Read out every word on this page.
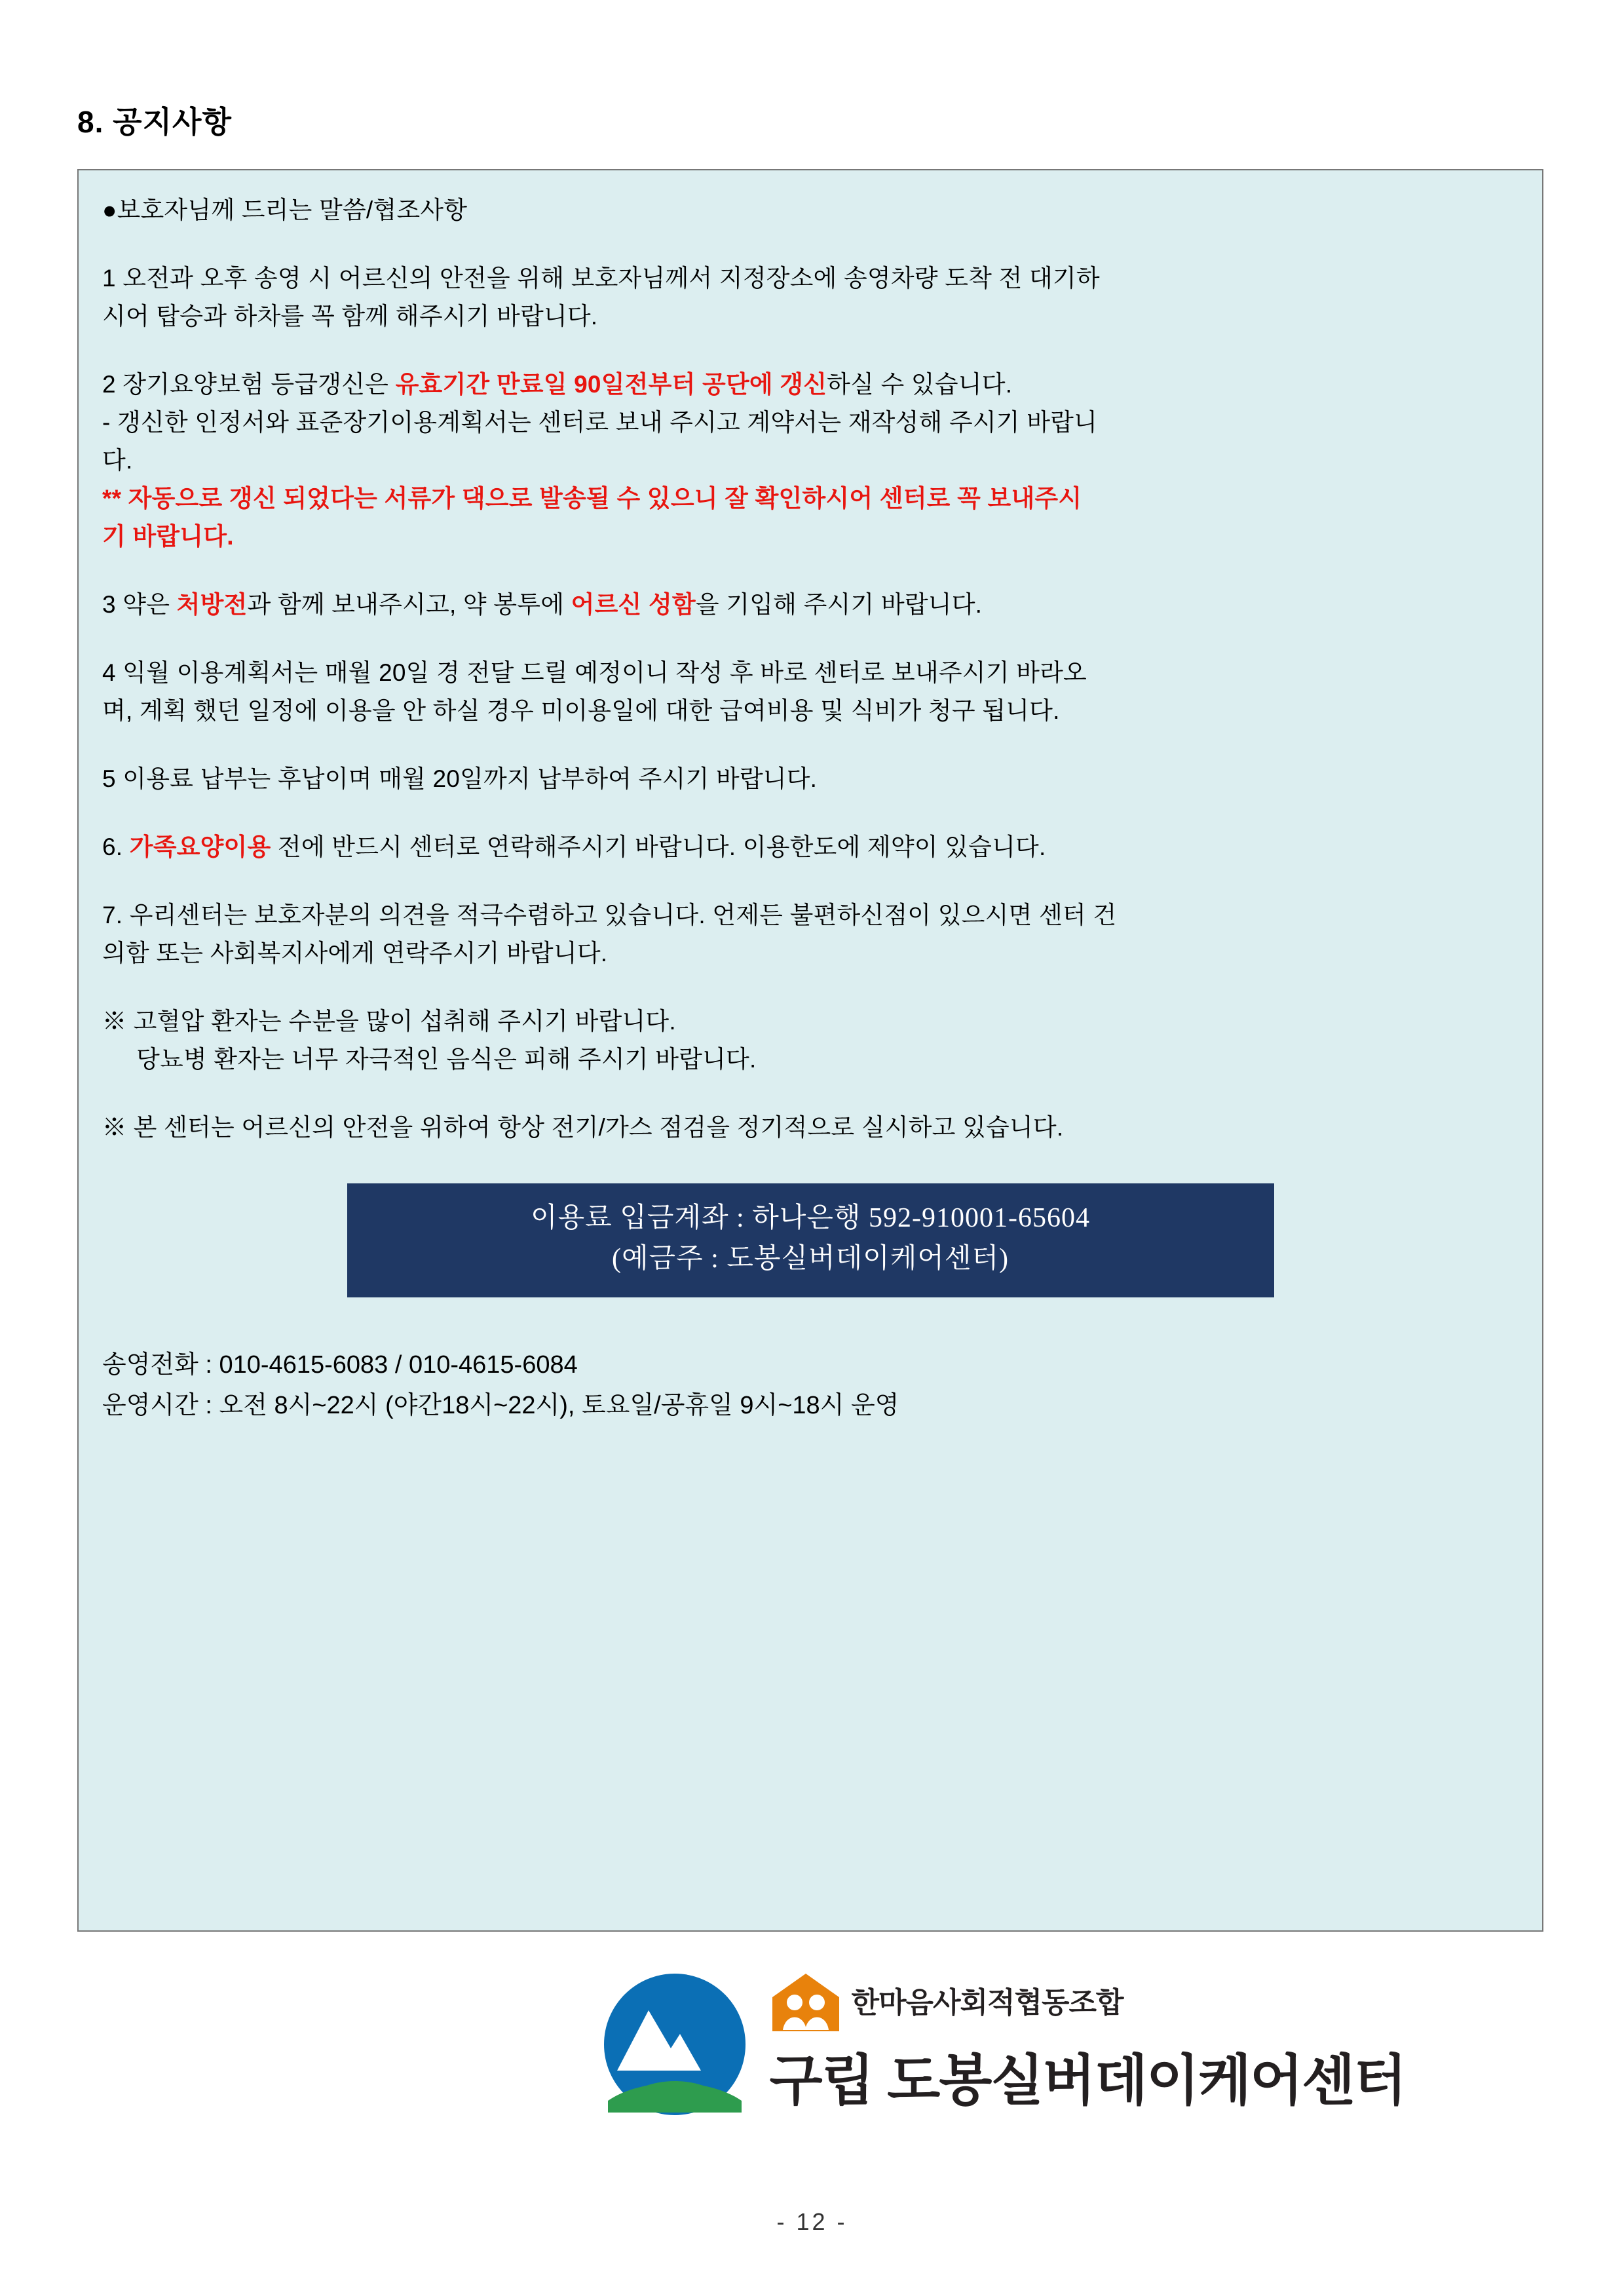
8. 공지사항
●보호자님께 드리는 말씀/협조사항
1 오전과 오후 송영 시 어르신의 안전을 위해 보호자님께서 지정장소에 송영차량 도착 전 대기하
시어 탑승과 하차를 꼭 함께 해주시기 바랍니다.
2 장기요양보험 등급갱신은 유효기간 만료일 90일전부터 공단에 갱신하실 수 있습니다.
- 갱신한 인정서와 표준장기이용계획서는 센터로 보내 주시고 계약서는 재작성해 주시기 바랍니
다.
** 자동으로 갱신 되었다는 서류가 댁으로 발송될 수 있으니 잘 확인하시어 센터로 꼭 보내주시
기 바랍니다.
3 약은 처방전과 함께 보내주시고, 약 봉투에 어르신 성함을 기입해 주시기 바랍니다.
4 익월 이용계획서는 매월 20일 경 전달 드릴 예정이니 작성 후 바로 센터로 보내주시기 바라오
며, 계획 했던 일정에 이용을 안 하실 경우 미이용일에 대한 급여비용 및 식비가 청구 됩니다.
5 이용료 납부는 후납이며 매월 20일까지 납부하여 주시기 바랍니다.
6. 가족요양이용 전에 반드시 센터로 연락해주시기 바랍니다. 이용한도에 제약이 있습니다.
7. 우리센터는 보호자분의 의견을 적극수렴하고 있습니다. 언제든 불편하신점이 있으시면 센터 건
의함 또는 사회복지사에게 연락주시기 바랍니다.
※ 고혈압 환자는 수분을 많이 섭취해 주시기 바랍니다.
당뇨병 환자는 너무 자극적인 음식은 피해 주시기 바랍니다.
※ 본 센터는 어르신의 안전을 위하여 항상 전기/가스 점검을 정기적으로 실시하고 있습니다.
이용료 입금계좌 : 하나은행 592-910001-65604
(예금주 : 도봉실버데이케어센터)
송영전화 : 010-4615-6083 / 010-4615-6084
운영시간 : 오전 8시~22시 (야간18시~22시), 토요일/공휴일 9시~18시 운영
한마음사회적협동조합
구립 도봉실버데이케어센터
- 12 -
